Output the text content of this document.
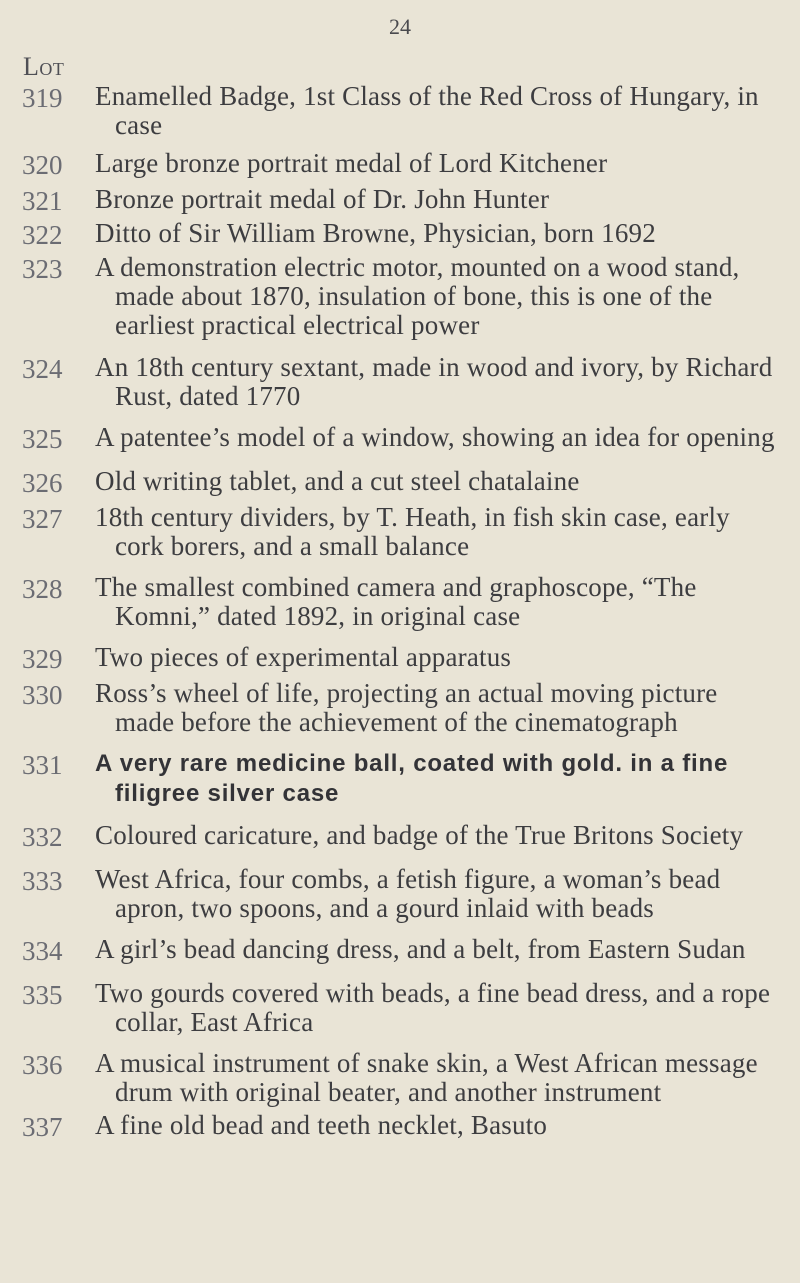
24
Lot
319	Enamelled Badge, 1st Class of the Red Cross of Hungary, in case
320	Large bronze portrait medal of Lord Kitchener
321	Bronze portrait medal of Dr. John Hunter
322	Ditto of Sir William Browne, Physician, born 1692
323	A demonstration electric motor, mounted on a wood stand, made about 1870, insulation of bone, this is one of the earliest practical electrical power
324	An 18th century sextant, made in wood and ivory, by Richard Rust, dated 1770
325	A patentee’s model of a window, showing an idea for opening
326	Old writing tablet, and a cut steel chatalaine
327	18th century dividers, by T. Heath, in fish skin case, early cork borers, and a small balance
328	The smallest combined camera and graphoscope, “The Komni,” dated 1892, in original case
329	Two pieces of experimental apparatus
330	Ross’s wheel of life, projecting an actual moving picture made before the achievement of the cinematograph
331	A very rare medicine ball, coated with gold. in a fine filigree silver case
332	Coloured caricature, and badge of the True Britons Society
333	West Africa, four combs, a fetish figure, a woman’s bead apron, two spoons, and a gourd inlaid with beads
334	A girl’s bead dancing dress, and a belt, from Eastern Sudan
335	Two gourds covered with beads, a fine bead dress, and a rope collar, East Africa
336	A musical instrument of snake skin, a West African message drum with original beater, and another instrument
337	A fine old bead and teeth necklet, Basuto
